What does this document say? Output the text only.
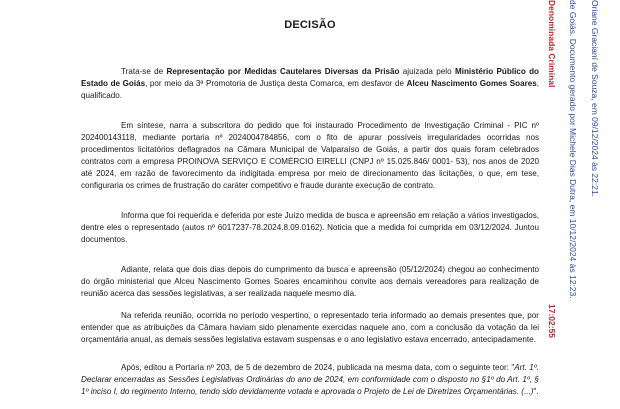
DECISÃO

Trata-se de Representação por Medidas Cautelares Diversas da Prisão ajuizada pelo Ministério Público do Estado de Goiás, por meio da 3ª Promotoria de Justiça desta Comarca, em desfavor de Alceu Nascimento Gomes Soares, qualificado.

Em síntese, narra a subscritora do pedido que foi instaurado Procedimento de Investigação Criminal - PIC nº 202400143118, mediante portaria nº 2024004784856, com o fito de apurar possíveis irregularidades ocorridas nos procedimentos licitatórios deflagrados na Câmara Municipal de Valparaíso de Goiás, a partir dos quais foram celebrados contratos com a empresa PROINOVA SERVIÇO E COMÉRCIO EIRELLI (CNPJ nº 15.025.846/ 0001- 53), nos anos de 2020 até 2024, em razão de favorecimento da indigitada empresa por meio de direcionamento das licitações, o que, em tese, configuraria os crimes de frustração do caráter competitivo e fraude durante execução de contrato.

Informa que foi requerida e deferida por este Juízo medida de busca e apreensão em relação a vários investigados, dentre eles o representado (autos nº 6017237-78.2024.8.09.0162). Noticia que a medida foi cumprida em 03/12/2024. Juntou documentos.

Adiante, relata que dois dias depois do cumprimento da busca e apreensão (05/12/2024) chegou ao conhecimento do órgão ministerial que Alceu Nascimento Gomes Soares encaminhou convite aos demais vereadores para realização de reunião acerca das sessões legislativas, a ser realizada naquele mesmo dia.

Na referida reunião, ocorrida no período vespertino, o representado teria informado ao demais presentes que, por entender que as atribuições da Câmara haviam sido plenamente exercidas naquele ano, com a conclusão da votação da lei orçamentária anual, as demais sessões legislativa estavam suspensas e o ano legislativo estava encerrado, antecipadamente.

Após, editou a Portaria nº 203, de 5 de dezembro de 2024, publicada na mesma data, com o seguinte teor: "Art. 1º. Declarar encerradas as Sessões Legislativas Ordinárias do ano de 2024, em conformidade com o disposto no §1º do Art. 1º, § 1º inciso I, do regimento Interno, tendo sido devidamente votada e aprovada o Projeto de Lei de Diretrizes Orçamentárias. (...)".

Denominada Criminal
17:02:55
de Goiás. Documento gerado por Michele Dias Dutra, em 10/12/2024 às 12:23. Oriane Gracianí de Souza, em 09/12/2024 às 22:21.
